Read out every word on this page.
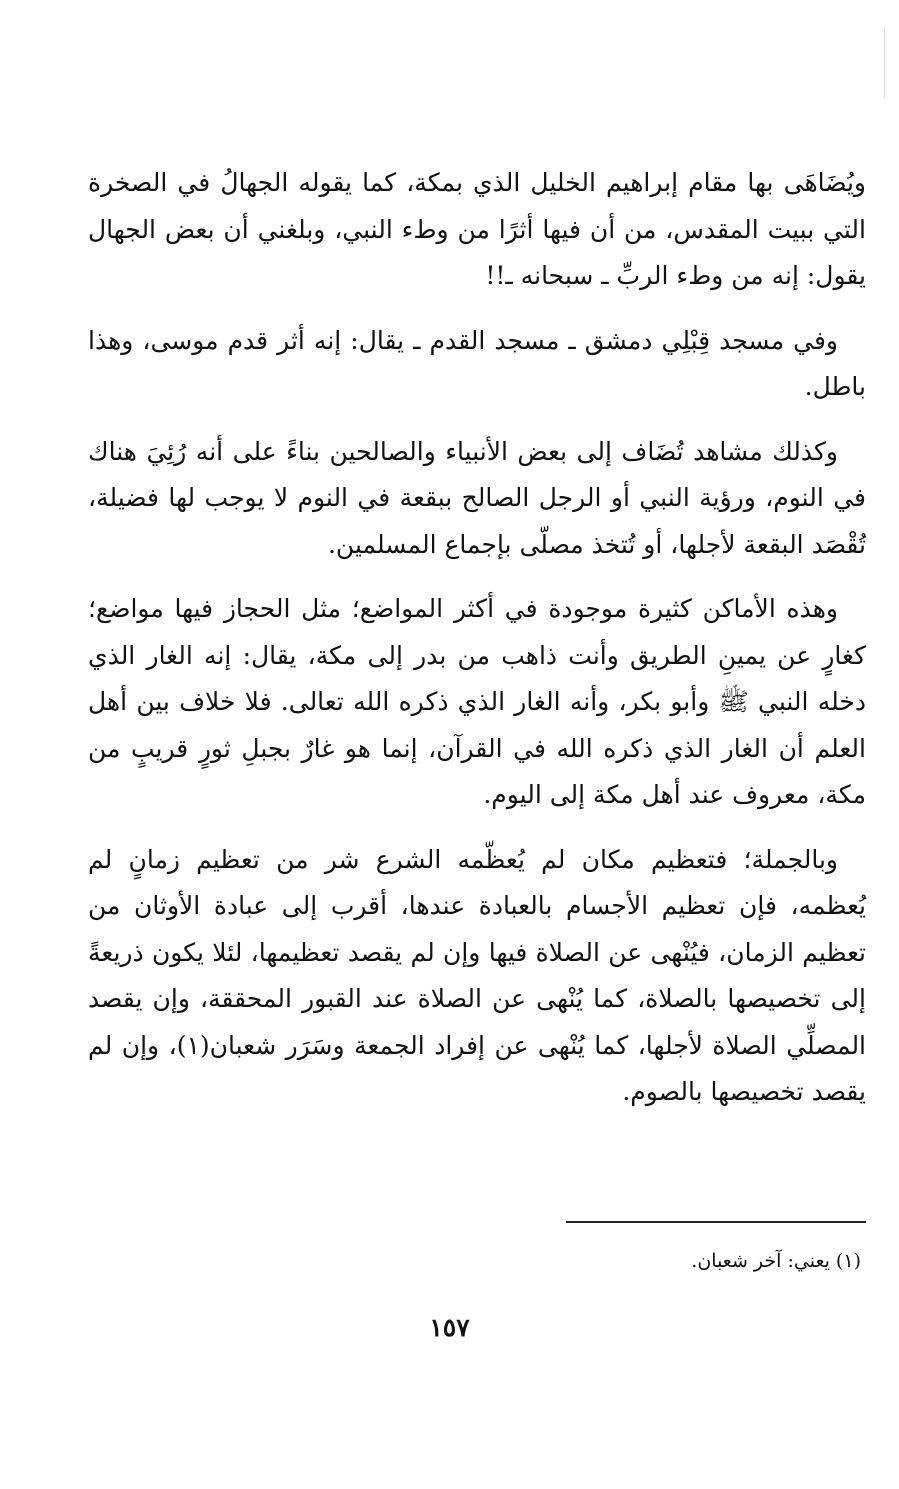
ويُضَاهَى بها مقام إبراهيم الخليل الذي بمكة، كما يقوله الجهالُ في الصخرة التي ببيت المقدس، من أن فيها أثرًا من وطء النبي، وبلغني أن بعض الجهال يقول: إنه من وطء الربِّ ـ سبحانه ـ!!

وفي مسجد قِبْلِي دمشق ـ مسجد القدم ـ يقال: إنه أثر قدم موسى، وهذا باطل.

وكذلك مشاهد تُضَاف إلى بعض الأنبياء والصالحين بناءً على أنه رُئِيَ هناك في النوم، ورؤية النبي أو الرجل الصالح ببقعة في النوم لا يوجب لها فضيلة، تُقْصَد البقعة لأجلها، أو تُتخذ مصلّى بإجماع المسلمين.

وهذه الأماكن كثيرة موجودة في أكثر المواضع؛ مثل الحجاز فيها مواضع؛ كغارٍ عن يمينِ الطريق وأنت ذاهب من بدر إلى مكة، يقال: إنه الغار الذي دخله النبي ﷺ وأبو بكر، وأنه الغار الذي ذكره الله تعالى. فلا خلاف بين أهل العلم أن الغار الذي ذكره الله في القرآن، إنما هو غارٌ بجبلِ ثورٍ قريبٍ من مكة، معروف عند أهل مكة إلى اليوم.

وبالجملة؛ فتعظيم مكان لم يُعظّمه الشرع شر من تعظيم زمانٍ لم يُعظمه، فإن تعظيم الأجسام بالعبادة عندها، أقرب إلى عبادة الأوثان من تعظيم الزمان، فيُنْهى عن الصلاة فيها وإن لم يقصد تعظيمها، لئلا يكون ذريعةً إلى تخصيصها بالصلاة، كما يُنْهى عن الصلاة عند القبور المحققة، وإن يقصد المصلِّي الصلاة لأجلها، كما يُنْهى عن إفراد الجمعة وسَرَر شعبان(١)، وإن لم يقصد تخصيصها بالصوم.

(١) يعني: آخر شعبان.
١٥٧
